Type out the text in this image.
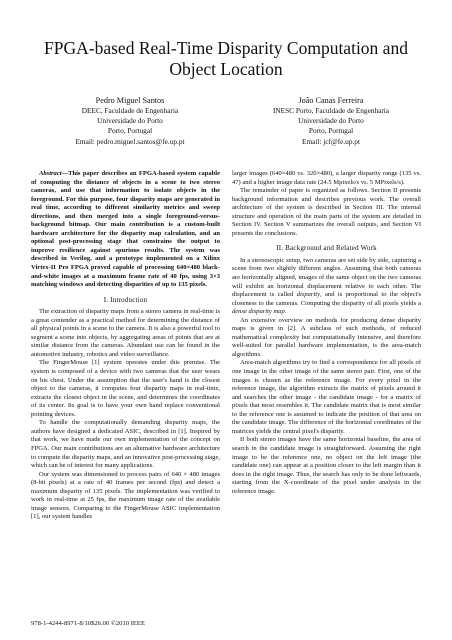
FPGA-based Real-Time Disparity Computation and Object Location
Pedro Miguel Santos
DEEC, Faculdade de Engenharia
Universidade do Porto
Porto, Portugal
Email: pedro.miguel.santos@fe.up.pt
João Canas Ferreira
INESC Porto, Faculdade de Engenharia
Universidade do Porto
Porto, Portugal
Email: jcf@fe.up.pt

Abstract—This paper describes an FPGA-based system capable of computing the distance of objects in a scene to two stereo cameras, and use that information to isolate objects in the foreground. For this purpose, four disparity maps are generated in real time, according to different similarity metrics and sweep directions, and then merged into a single foreground-versus-background bitmap. Our main contribution is a custom-built hardware architecture for the disparity map calculation, and an optional post-processing stage that constrains the output to improve resilience against spurious results. The system was described in Verilog, and a prototype implemented on a Xilinx Virtex-II Pro FPGA proved capable of processing 640×480 black-and-white images at a maximum frame rate of 40 fps, using 3×3 matching windows and detecting disparities of up to 135 pixels.

I. Introduction

The extraction of disparity maps from a stereo camera in real-time is a great contender as a practical method for determining the distance of all physical points in a scene to the camera. It is also a powerful tool to segment a scene into objects, by aggregating areas of points that are at similar distance from the cameras. Abundant use can be found in the automotive industry, robotics and video surveillance.

The FingerMouse [1] system operates under this premise. The system is composed of a device with two cameras that the user wears on his chest. Under the assumption that the user's hand is the closest object to the cameras, it computes four disparity maps in real-time, extracts the closest object in the scene, and determines the coordinates of its center. Its goal is to have your own hand replace conventional pointing devices.

To handle the computationally demanding disparity maps, the authors have designed a dedicated ASIC, described in [1]. Inspired by that work, we have made our own implementation of the concept on FPGA. Our main contributions are an alternative hardware architecture to compute the disparity maps, and an innovative post-processing stage, which can be of interest for many applications.

Our system was dimensioned to process pairs of 640 × 480 images (8-bit pixels) at a rate of 40 frames per second (fps) and detect a maximum disparity of 135 pixels. The implementation was verified to work in real-time at 25 fps, the maximum image rate of the available image sensors. Comparing to the FingerMouse ASIC implementation [1], our system handles

larger images (640×480 vs. 320×480), a larger disparity range (135 vs. 47) and a higher image data rate (24.5 Mpixels/s vs. 5 MPixels/s).

The remainder of paper is organized as follows. Section II presents background information and describes previous work. The overall architecture of the system is described in Section III. The internal structure and operation of the main parts of the system are detailed in Section IV. Section V summarizes the overall outputs, and Section VI presents the conclusions.

II. Background and Related Work

In a stereoscopic setup, two cameras are set side by side, capturing a scene from two slightly different angles. Assuming that both cameras are horizontally aligned, images of the same object on the two cameras will exhibit an horizontal displacement relative to each other. The displacement is called disparity, and is proportional to the object's closeness to the cameras. Computing the disparity of all pixels yields a dense disparity map.

An extensive overview on methods for producing dense disparity maps is given in [2]. A subclass of such methods, of reduced mathematical complexity but computationally intensive, and therefore well-suited for parallel hardware implementation, is the area-match algorithms.

Area-match algorithms try to find a correspondence for all pixels of one image in the other image of the same stereo pair. First, one of the images is chosen as the reference image. For every pixel in the reference image, the algorithm extracts the matrix of pixels around it and searches the other image - the candidate image - for a matrix of pixels that most resembles it. The candidate matrix that is most similar to the reference one is assumed to indicate the position of that area on the candidate image. The difference of the horizontal coordinates of the matrices yields the central pixel's disparity.

If both stereo images have the same horizontal baseline, the area of search in the candidate image is straightforward. Assuming the right image to be the reference one, no object on the left image (the candidate one) can appear at a position closer to the left margin than it does in the right image. Thus, the search has only to be done leftwards, starting from the X-coordinate of the pixel under analysis in the reference image.

978-1-4244-8971-8/10$26.00 ©2010 IEEE
